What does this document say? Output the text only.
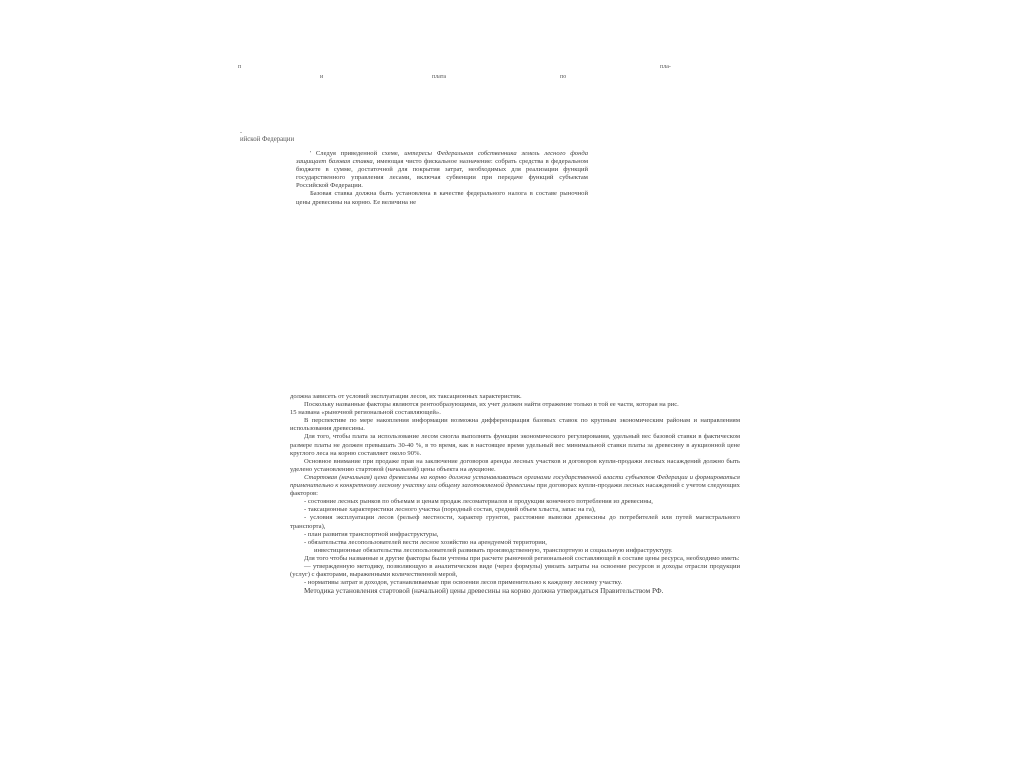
п	пла-
и	плата	по
-
ийской Федерации

' Следуя приведенной схеме, интересы Федеральная собственника земель лесного фонда защищает базовая ставка, имеющая чисто фискальное назначение: собрать средства в федеральном бюджете в сумме, достаточной для покрытия затрат, необходимых для реализации функций государственного управления лесами, включая субвенции при передаче функций субъектам Российской Федерации.

Базовая ставка должна быть установлена в качестве федерального налога в составе рыночной цены древесины на корню. Ее величина не

должна зависеть от условий эксплуатации лесов, их таксационных характеристик.

Поскольку названные факторы являются рентообразующими, их учет должен найти отражение только в той ее части, которая на рис.

15 названа «рыночной региональной составляющей».

В перспективе по мере накопления информации возможна дифференциация базовых ставок по крупным экономическим районам и направлениям использования древесины.

Для того, чтобы плата за использование лесом смогла выполнять функции экономического регулирования, удельный вес базовой ставки в фактическом размере платы не должен превышать 30-40 %, в то время, как в настоящее время удельный вес минимальной ставки платы за древесину в аукционной цене круглого леса на корню составляет около 90%.

Основное внимание при продаже прав на заключение договоров аренды лесных участков и договоров купли-продажи лесных насаждений должно быть уделено установлению стартовой (начальной) цены объекта на аукционе.

Стартовая (начальная) цена древесины на корню должна устанавливаться органами государственной власти субъектов Федерации и формироваться применительно к конкретному лесному участку или общему заготовляемой древесины при договорах купли-продажи лесных насаждений с учетом следующих факторов:

- состояние лесных рынков по объемам и ценам продаж лесоматериалов и продукции конечного потребления из древесины,

- таксационные характеристики лесного участка (породный состав, средний объем хлыста, запас на га),

- условия эксплуатации лесов (рельеф местности, характер грунтов, расстояние вывозки древесины до потребителей или путей магистрального транспорта),

- план развития транспортной инфраструктуры,

- обязательства лесопользователей вести лесное хозяйство на арендуемой территории,

инвестиционные обязательства лесопользователей развивать производственную, транспортную и социальную инфраструктуру.

Для того чтобы названные и другие факторы были учтены при расчете рыночной региональной составляющей в составе цены ресурса, необходимо иметь:

— утвержденную методику, позволяющую в аналитическом виде (через формулы) увязать затраты на освоение ресурсов и доходы отрасли продукции (услуг) с факторами, выраженными количественной мерой,

- нормативы затрат и доходов, устанавливаемые при освоении лесов применительно к каждому лесному участку.

Методика установления стартовой (начальной) цены древесины на корню должна утверждаться Правительством РФ.
